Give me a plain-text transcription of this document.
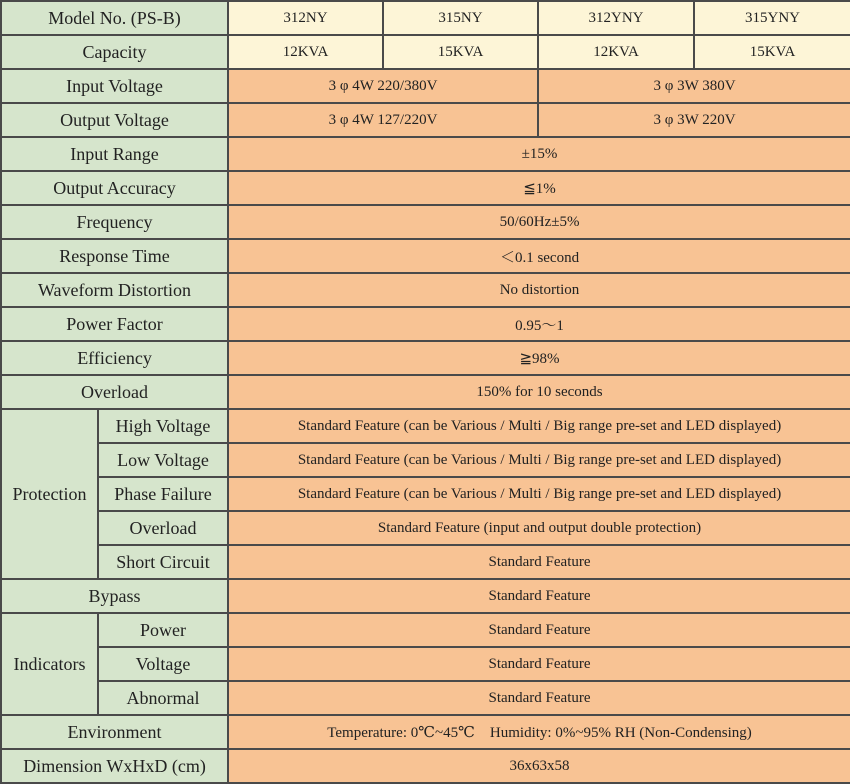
Model No. (PS-B)		312NY	315NY	312YNY	315YNY
Capacity		12KVA	15KVA	12KVA	15KVA
Input Voltage		3 φ 4W 220/380V		3 φ 3W 380V	
Output Voltage		3 φ 4W 127/220V		3 φ 3W 220V	
Input Range		±15%			
Output Accuracy		≦1%			
Frequency		50/60Hz±5%			
Response Time		＜0.1 second			
Waveform Distortion		No distortion			
Power Factor		0.95～1			
Efficiency		≧98%			
Overload		150% for 10 seconds			
Protection	High Voltage	Standard Feature (can be Various / Multi / Big range pre-set and LED displayed)			
	Low Voltage	Standard Feature (can be Various / Multi / Big range pre-set and LED displayed)			
	Phase Failure	Standard Feature (can be Various / Multi / Big range pre-set and LED displayed)			
	Overload	Standard Feature (input and output double protection)			
	Short Circuit	Standard Feature			
Bypass		Standard Feature			
Indicators	Power	Standard Feature			
	Voltage	Standard Feature			
	Abnormal	Standard Feature			
Environment		Temperature: 0℃~45℃    Humidity: 0%~95% RH (Non-Condensing)			
Dimension WxHxD (cm)		36x63x58			
